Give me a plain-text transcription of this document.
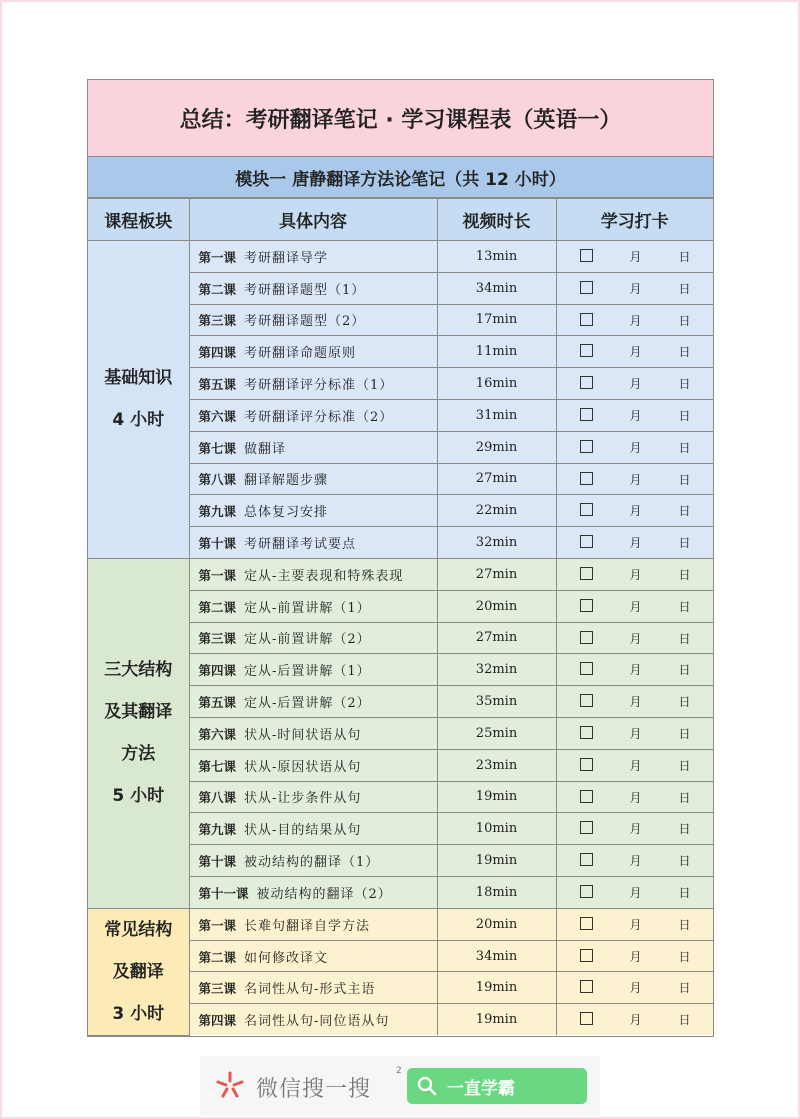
总结：考研翻译笔记 · 学习课程表（英语一）
模块一 唐静翻译方法论笔记（共 12 小时）
课程板块	具体内容	视频时长	学习打卡

基础知识
4 小时	第一课 考研翻译导学	13min	月 日

	第二课 考研翻译题型（1）	34min	月 日

	第三课 考研翻译题型（2）	17min	月 日

	第四课 考研翻译命题原则	11min	月 日

	第五课 考研翻译评分标准（1）	16min	月 日

	第六课 考研翻译评分标准（2）	31min	月 日

	第七课 做翻译	29min	月 日

	第八课 翻译解题步骤	27min	月 日

	第九课 总体复习安排	22min	月 日

	第十课 考研翻译考试要点	32min	月 日

三大结构
及其翻译
方法
5 小时	第一课 定从-主要表现和特殊表现	27min	月 日

	第二课 定从-前置讲解（1）	20min	月 日

	第三课 定从-前置讲解（2）	27min	月 日

	第四课 定从-后置讲解（1）	32min	月 日

	第五课 定从-后置讲解（2）	35min	月 日

	第六课 状从-时间状语从句	25min	月 日

	第七课 状从-原因状语从句	23min	月 日

	第八课 状从-让步条件从句	19min	月 日

	第九课 状从-目的结果从句	10min	月 日

	第十课 被动结构的翻译（1）	19min	月 日

	第十一课 被动结构的翻译（2）	18min	月 日

常见结构
及翻译
3 小时	第一课 长难句翻译自学方法	20min	月 日

	第二课 如何修改译文	34min	月 日

	第三课 名词性从句-形式主语	19min	月 日

	第四课 名词性从句-同位语从句	19min	月 日
微信搜一搜
2
一直学霸
